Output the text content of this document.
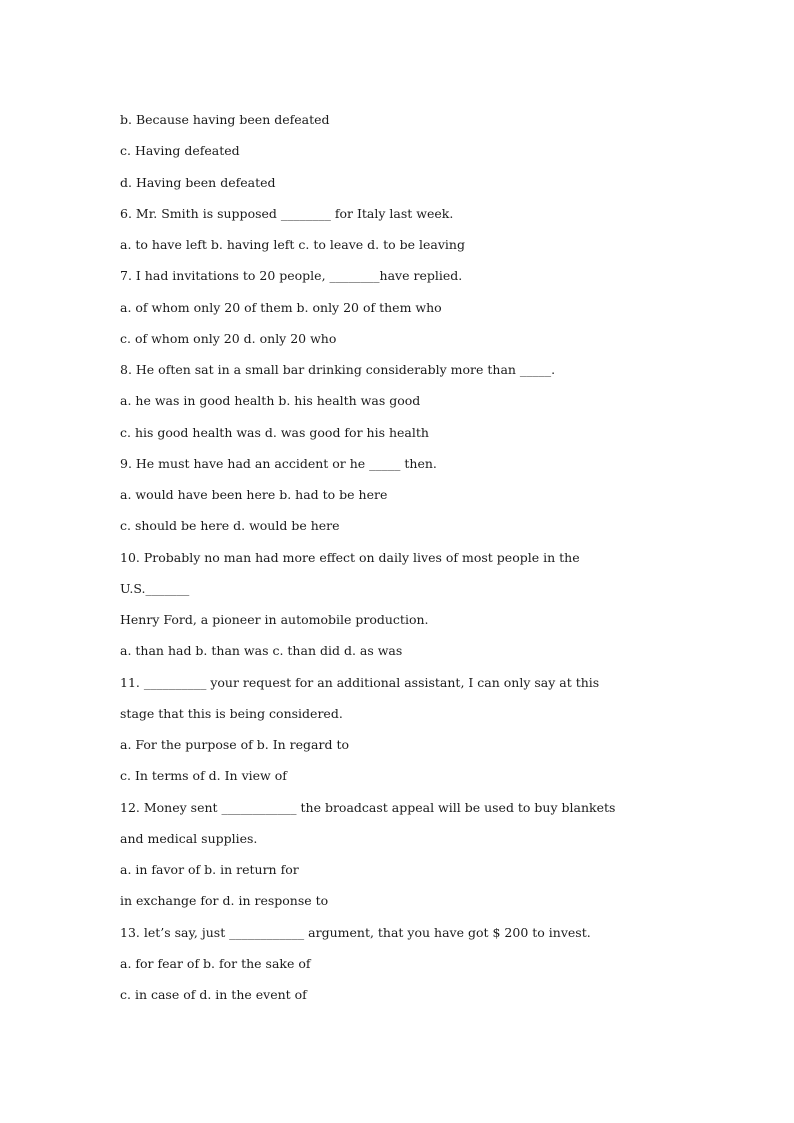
b. Because having been defeated

c. Having defeated

d. Having been defeated

6. Mr. Smith is supposed ________ for Italy last week.

a. to have left b. having left c. to leave d. to be leaving

7. I had invitations to 20 people, ________have replied.

a. of whom only 20 of them b. only 20 of them who

c. of whom only 20 d. only 20 who

8. He often sat in a small bar drinking considerably more than _____.

a. he was in good health b. his health was good

c. his good health was d. was good for his health

9. He must have had an accident or he _____ then.

a. would have been here b. had to be here

c. should be here d. would be here

10. Probably no man had more effect on daily lives of most people in the

U.S._______

Henry Ford, a pioneer in automobile production.

a. than had b. than was c. than did d. as was

11. __________ your request for an additional assistant, I can only say at this

stage that this is being considered.

a. For the purpose of b. In regard to

c. In terms of d. In view of

12. Money sent ____________ the broadcast appeal will be used to buy blankets

and medical supplies.

a. in favor of b. in return for

in exchange for d. in response to

13. let’s say, just ____________ argument, that you have got $ 200 to invest.

a. for fear of b. for the sake of

c. in case of d. in the event of
